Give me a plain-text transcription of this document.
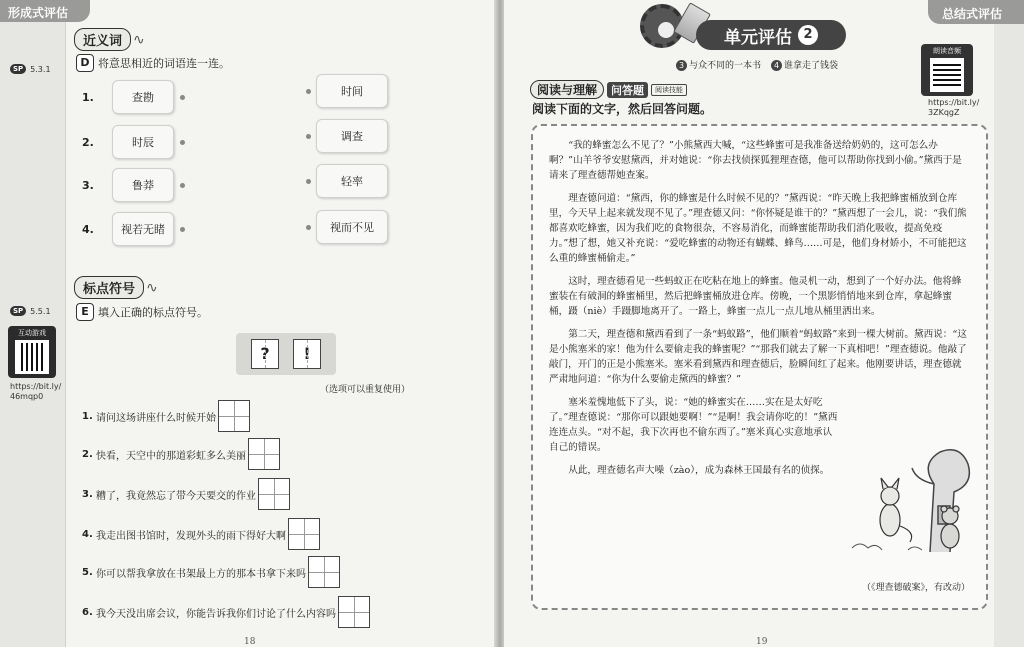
形成式评估
近义词 ∿
SP 5.3.1	D 将意思相近的词语连一连。
1.	查勘
2.	时辰
3.	鲁莽
4.	视若无睹
时间
调查
轻率
视而不见
标点符号 ∿
SP 5.5.1	E 填入正确的标点符号。
?	!
（选项可以重复使用）
1. 请问这场讲座什么时候开始
2. 快看，天空中的那道彩虹多么美丽
3. 糟了，我竟然忘了带今天要交的作业
4. 我走出图书馆时，发现外头的雨下得好大啊
5. 你可以帮我拿放在书架最上方的那本书拿下来吗
6. 我今天没出席会议，你能告诉我你们讨论了什么内容吗
互动游戏
https://bit.ly/
46mqp0
18
总结式评估
单元评估 2
3 与众不同的一本书	4 谁拿走了钱袋
朗读音频
https://bit.ly/
3ZKqgZ
阅读与理解	问答题	阅读技能
阅读下面的文字，然后回答问题。

“我的蜂蜜怎么不见了？”小熊黛西大喊，“这些蜂蜜可是我准备送给奶奶的，这可怎么办啊？”山羊爷爷安慰黛西，并对她说：“你去找侦探狐狸理查德，他可以帮助你找到小偷。”黛西于是请来了理查德帮她查案。

理查德问道：“黛西，你的蜂蜜是什么时候不见的？”黛西说：“昨天晚上我把蜂蜜桶放到仓库里，今天早上起来就发现不见了。”理查德又问：“你怀疑是谁干的？”黛西想了一会儿，说：“我们熊都喜欢吃蜂蜜，因为我们吃的食物很杂，不容易消化，而蜂蜜能帮助我们消化吸收，提高免疫力。”想了想，她又补充说：“爱吃蜂蜜的动物还有蝴蝶、蜂鸟……可是，他们身材娇小，不可能把这么重的蜂蜜桶偷走。”

这时，理查德看见一些蚂蚁正在吃粘在地上的蜂蜜。他灵机一动，想到了一个好办法。他将蜂蜜装在有破洞的蜂蜜桶里，然后把蜂蜜桶放进仓库。傍晚，一个黑影悄悄地来到仓库，拿起蜂蜜桶，蹑（niè）手蹑脚地离开了。一路上，蜂蜜一点儿一点儿地从桶里洒出来。

第二天，理查德和黛西看到了一条“蚂蚁路”，他们顺着“蚂蚁路”来到一棵大树前。黛西说：“这是小熊塞米的家！他为什么要偷走我的蜂蜜呢？”“那我们就去了解一下真相吧！”理查德说。他敲了敲门，开门的正是小熊塞米。塞米看到黛西和理查德后，脸瞬间红了起来。他刚要讲话，理查德就严肃地问道：“你为什么要偷走黛西的蜂蜜？”

塞米羞愧地低下了头，说：“她的蜂蜜实在……实在是太好吃了。”理查德说：“那你可以跟她要啊！”“是啊！我会请你吃的！”黛西连连点头。“对不起，我下次再也不偷东西了。”塞米真心实意地承认自己的错误。

从此，理查德名声大噪（zào），成为森林王国最有名的侦探。

（《理查德破案》，有改动）
19
